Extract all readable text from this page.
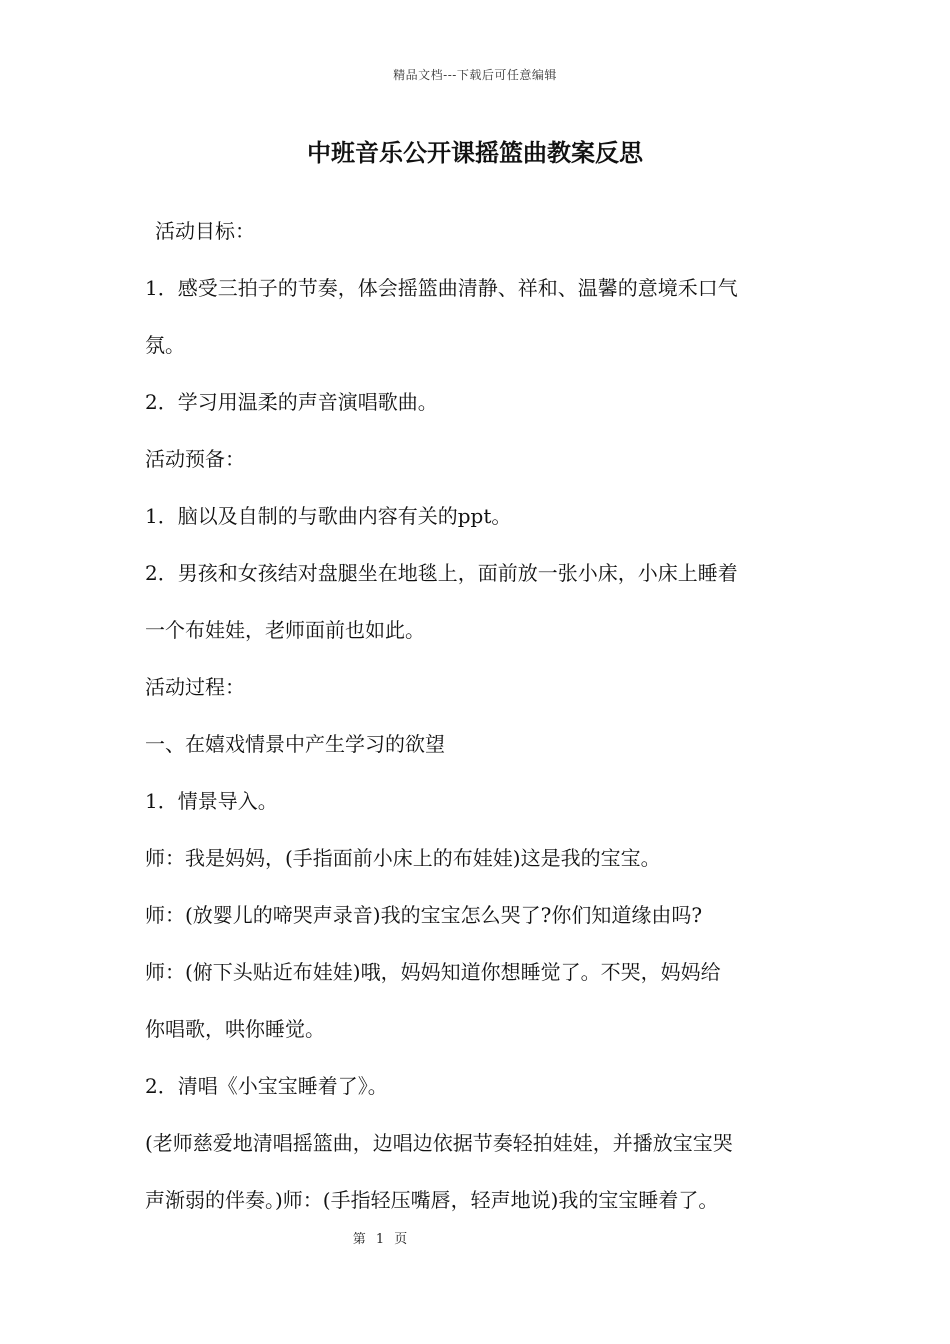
精品文档---下载后可任意编辑
中班音乐公开课摇篮曲教案反思
活动目标：
1．感受三拍子的节奏，体会摇篮曲清静、祥和、温馨的意境禾口气
氛。
2．学习用温柔的声音演唱歌曲。
活动预备：
1．脑以及自制的与歌曲内容有关的ppt。
2．男孩和女孩结对盘腿坐在地毯上，面前放一张小床，小床上睡着
一个布娃娃，老师面前也如此。
活动过程：
一、在嬉戏情景中产生学习的欲望
1．情景导入。
师：我是妈妈，(手指面前小床上的布娃娃)这是我的宝宝。
师：(放婴儿的啼哭声录音)我的宝宝怎么哭了?你们知道缘由吗?
师：(俯下头贴近布娃娃)哦，妈妈知道你想睡觉了。不哭，妈妈给
你唱歌，哄你睡觉。
2．清唱《小宝宝睡着了》。
(老师慈爱地清唱摇篮曲，边唱边依据节奏轻拍娃娃，并播放宝宝哭
声渐弱的伴奏。)师：(手指轻压嘴唇，轻声地说)我的宝宝睡着了。
第 1 页
